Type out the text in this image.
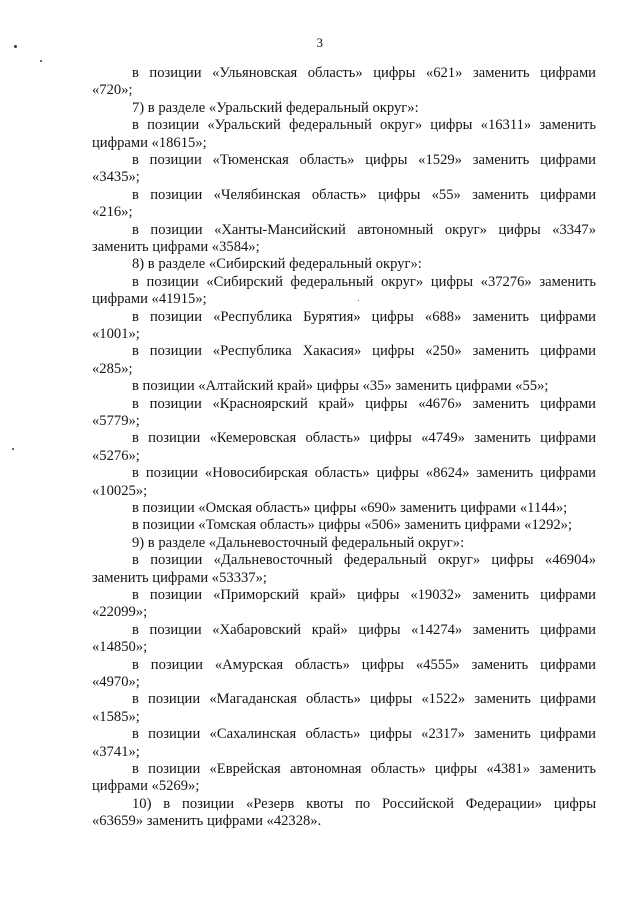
3
в позиции «Ульяновская область» цифры «621» заменить цифрами
«720»;
7) в разделе «Уральский федеральный округ»:
в позиции «Уральский федеральный округ» цифры «16311» заменить
цифрами «18615»;
в позиции «Тюменская область» цифры «1529» заменить цифрами
«3435»;
в позиции «Челябинская область» цифры «55» заменить цифрами
«216»;
в позиции «Ханты-Мансийский автономный округ» цифры «3347»
заменить цифрами «3584»;
8) в разделе «Сибирский федеральный округ»:
в позиции «Сибирский федеральный округ» цифры «37276» заменить
цифрами «41915»;
в позиции «Республика Бурятия» цифры «688» заменить цифрами
«1001»;
в позиции «Республика Хакасия» цифры «250» заменить цифрами
«285»;
в позиции «Алтайский край» цифры «35» заменить цифрами «55»;
в позиции «Красноярский край» цифры «4676» заменить цифрами
«5779»;
в позиции «Кемеровская область» цифры «4749» заменить цифрами
«5276»;
в позиции «Новосибирская область» цифры «8624» заменить цифрами
«10025»;
в позиции «Омская область» цифры «690» заменить цифрами «1144»;
в позиции «Томская область» цифры «506» заменить цифрами «1292»;
9) в разделе «Дальневосточный федеральный округ»:
в позиции «Дальневосточный федеральный округ» цифры «46904»
заменить цифрами «53337»;
в позиции «Приморский край» цифры «19032» заменить цифрами
«22099»;
в позиции «Хабаровский край» цифры «14274» заменить цифрами
«14850»;
в позиции «Амурская область» цифры «4555» заменить цифрами
«4970»;
в позиции «Магаданская область» цифры «1522» заменить цифрами
«1585»;
в позиции «Сахалинская область» цифры «2317» заменить цифрами
«3741»;
в позиции «Еврейская автономная область» цифры «4381» заменить
цифрами «5269»;
10) в позиции «Резерв квоты по Российской Федерации» цифры
«63659» заменить цифрами «42328».
